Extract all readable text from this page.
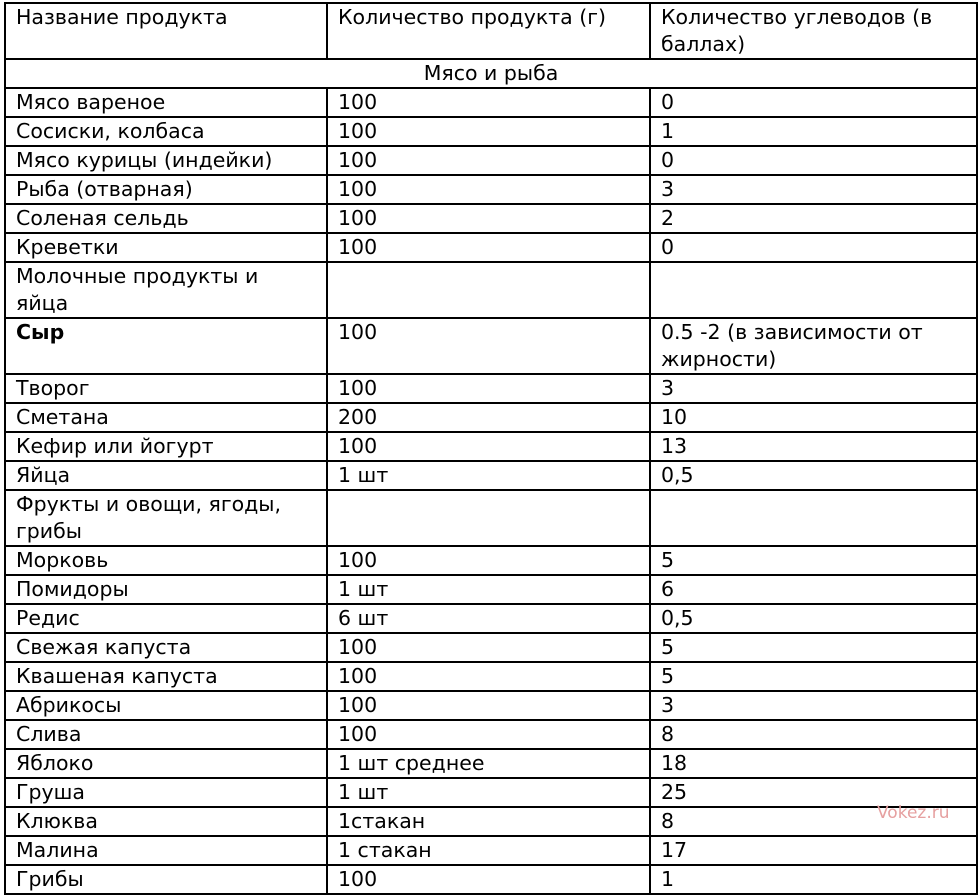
Название продукта	Количество продукта (г)	Количество углеводов (в баллах)
Мясо и рыба		
Мясо вареное	100	0
Сосиски, колбаса	100	1
Мясо курицы (индейки)	100	0
Рыба (отварная)	100	3
Соленая сельдь	100	2
Креветки	100	0
Молочные продукты и яйца		
Сыр	100	0.5 -2 (в зависимости от жирности)
Творог	100	3
Сметана	200	10
Кефир или йогурт	100	13
Яйца	1 шт	0,5
Фрукты и овощи, ягоды, грибы		
Морковь	100	5
Помидоры	1 шт	6
Редис	6 шт	0,5
Свежая капуста	100	5
Квашеная капуста	100	5
Абрикосы	100	3
Слива	100	8
Яблоко	1 шт среднее	18
Груша	1 шт	25
Клюква	1стакан	8
Малина	1 стакан	17
Грибы	100	1
Vokez.ru
